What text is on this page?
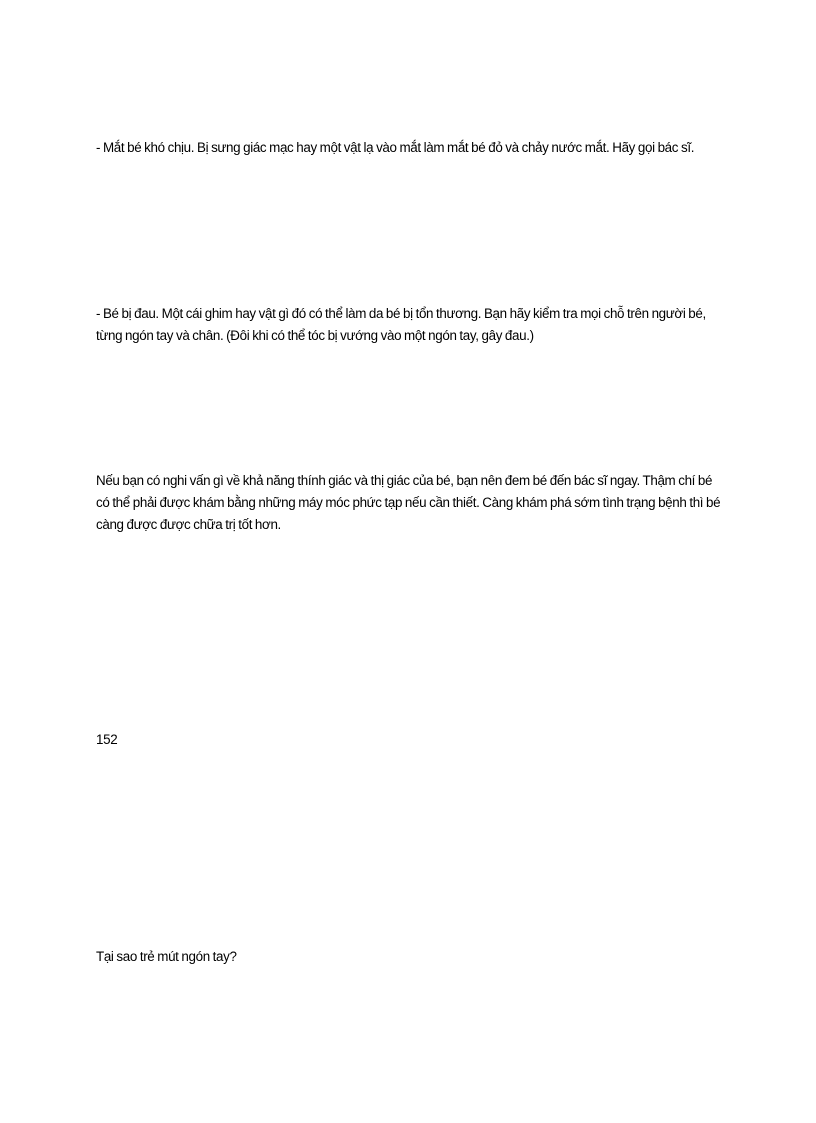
- Mắt bé khó chịu. Bị sưng giác mạc hay một vật lạ vào mắt làm mắt bé đỏ và chảy nước mắt. Hãy gọi bác sĩ.

- Bé bị đau. Một cái ghim hay vật gì đó có thể làm da bé bị tổn thương. Bạn hãy kiểm tra mọi chỗ trên người bé, từng ngón tay và chân. (Đôi khi có thể tóc bị vướng vào một ngón tay, gây đau.)

Nếu bạn có nghi vấn gì về khả năng thính giác và thị giác của bé, bạn nên đem bé đến bác sĩ ngay. Thậm chí bé có thể phải được khám bằng những máy móc phức tạp nếu cần thiết. Càng khám phá sớm tình trạng bệnh thì bé càng được được chữa trị tốt hơn.

152

Tại sao trẻ mút ngón tay?
